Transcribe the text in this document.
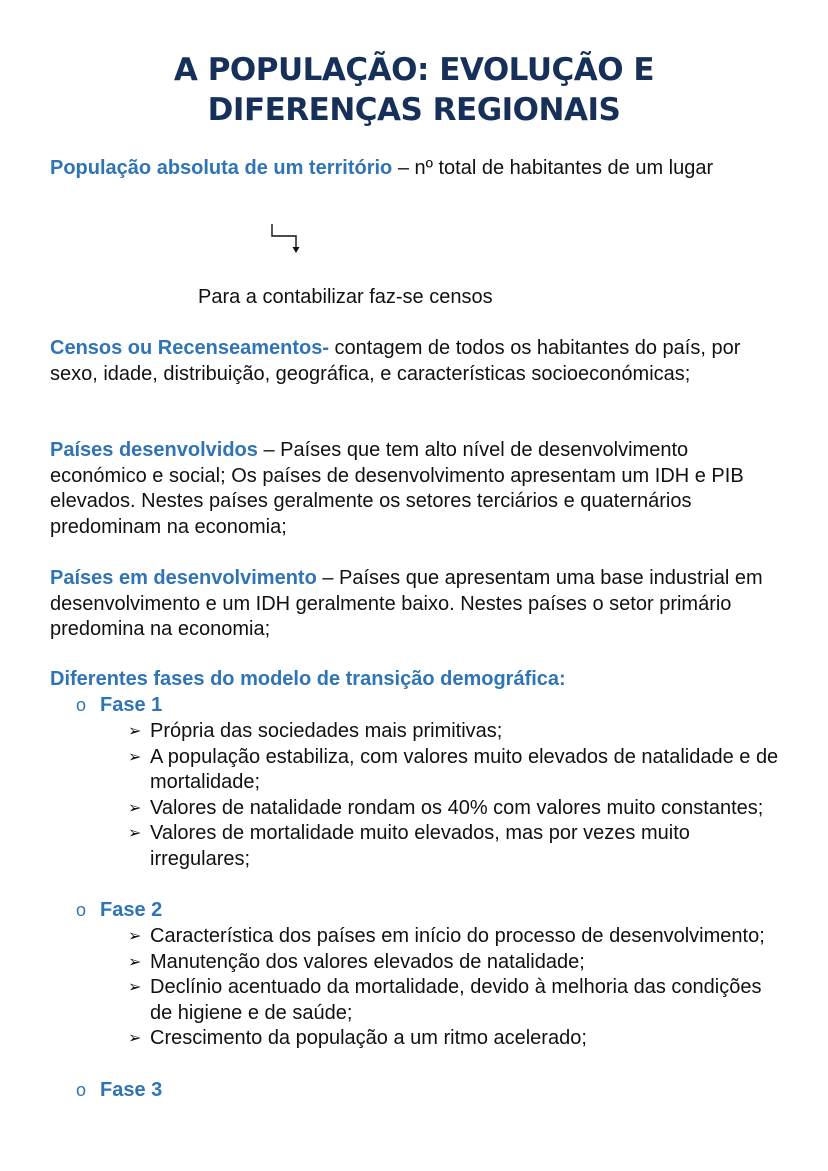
A POPULAÇÃO: EVOLUÇÃO E
DIFERENÇAS REGIONAIS
População absoluta de um território – nº total de habitantes de um lugar
Para a contabilizar faz-se censos
Censos ou Recenseamentos- contagem de todos os habitantes do país, por sexo, idade, distribuição, geográfica, e características socioeconómicas;
Países desenvolvidos – Países que tem alto nível de desenvolvimento económico e social; Os países de desenvolvimento apresentam um IDH e PIB elevados. Nestes países geralmente os setores terciários e quaternários predominam na economia;
Países em desenvolvimento – Países que apresentam uma base industrial em desenvolvimento e um IDH geralmente baixo. Nestes países o setor primário predomina na economia;
Diferentes fases do modelo de transição demográfica:
o Fase 1
➢ Própria das sociedades mais primitivas;
➢ A população estabiliza, com valores muito elevados de natalidade e de mortalidade;
➢ Valores de natalidade rondam os 40% com valores muito constantes;
➢ Valores de mortalidade muito elevados, mas por vezes muito irregulares;
o Fase 2
➢ Característica dos países em início do processo de desenvolvimento;
➢ Manutenção dos valores elevados de natalidade;
➢ Declínio acentuado da mortalidade, devido à melhoria das condições de higiene e de saúde;
➢ Crescimento da população a um ritmo acelerado;
o Fase 3
